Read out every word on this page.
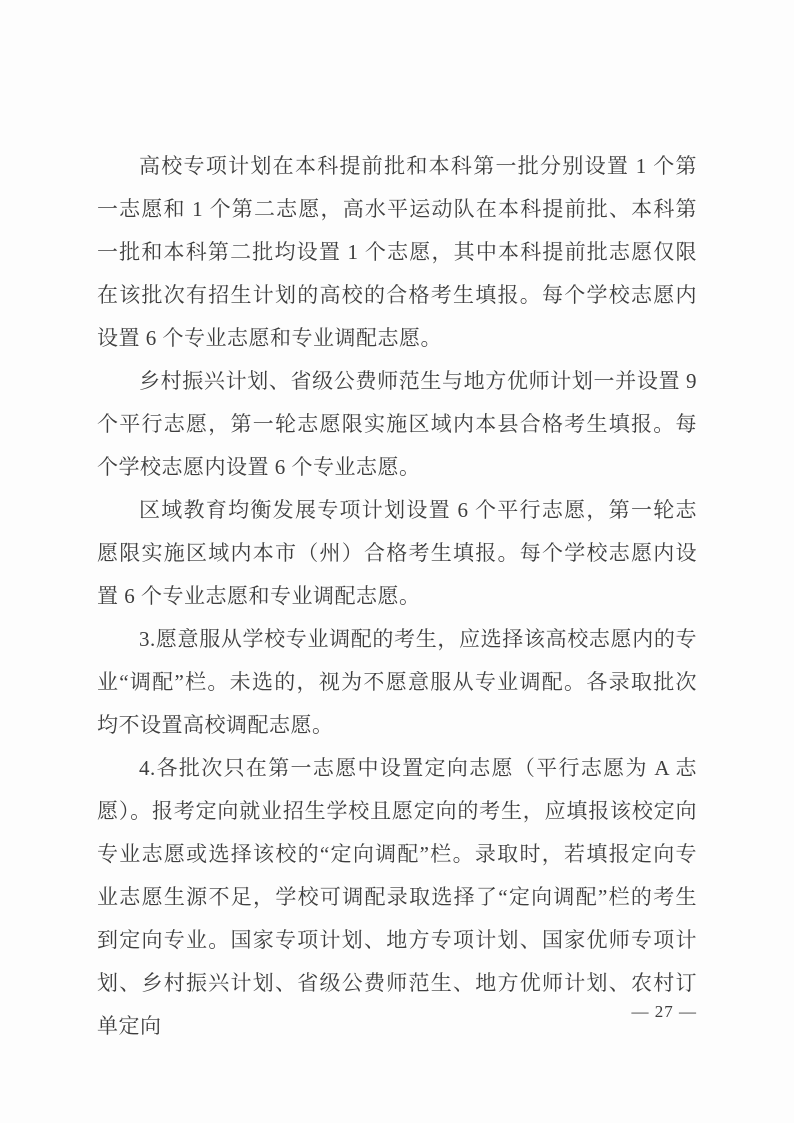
高校专项计划在本科提前批和本科第一批分别设置 1 个第一志愿和 1 个第二志愿，高水平运动队在本科提前批、本科第一批和本科第二批均设置 1 个志愿，其中本科提前批志愿仅限在该批次有招生计划的高校的合格考生填报。每个学校志愿内设置 6 个专业志愿和专业调配志愿。

乡村振兴计划、省级公费师范生与地方优师计划一并设置 9 个平行志愿，第一轮志愿限实施区域内本县合格考生填报。每个学校志愿内设置 6 个专业志愿。

区域教育均衡发展专项计划设置 6 个平行志愿，第一轮志愿限实施区域内本市（州）合格考生填报。每个学校志愿内设置 6 个专业志愿和专业调配志愿。

3.愿意服从学校专业调配的考生，应选择该高校志愿内的专业“调配”栏。未选的，视为不愿意服从专业调配。各录取批次均不设置高校调配志愿。

4.各批次只在第一志愿中设置定向志愿（平行志愿为 A 志愿）。报考定向就业招生学校且愿定向的考生，应填报该校定向专业志愿或选择该校的“定向调配”栏。录取时，若填报定向专业志愿生源不足，学校可调配录取选择了“定向调配”栏的考生到定向专业。国家专项计划、地方专项计划、国家优师专项计划、乡村振兴计划、省级公费师范生、地方优师计划、农村订单定向

— 27 —
